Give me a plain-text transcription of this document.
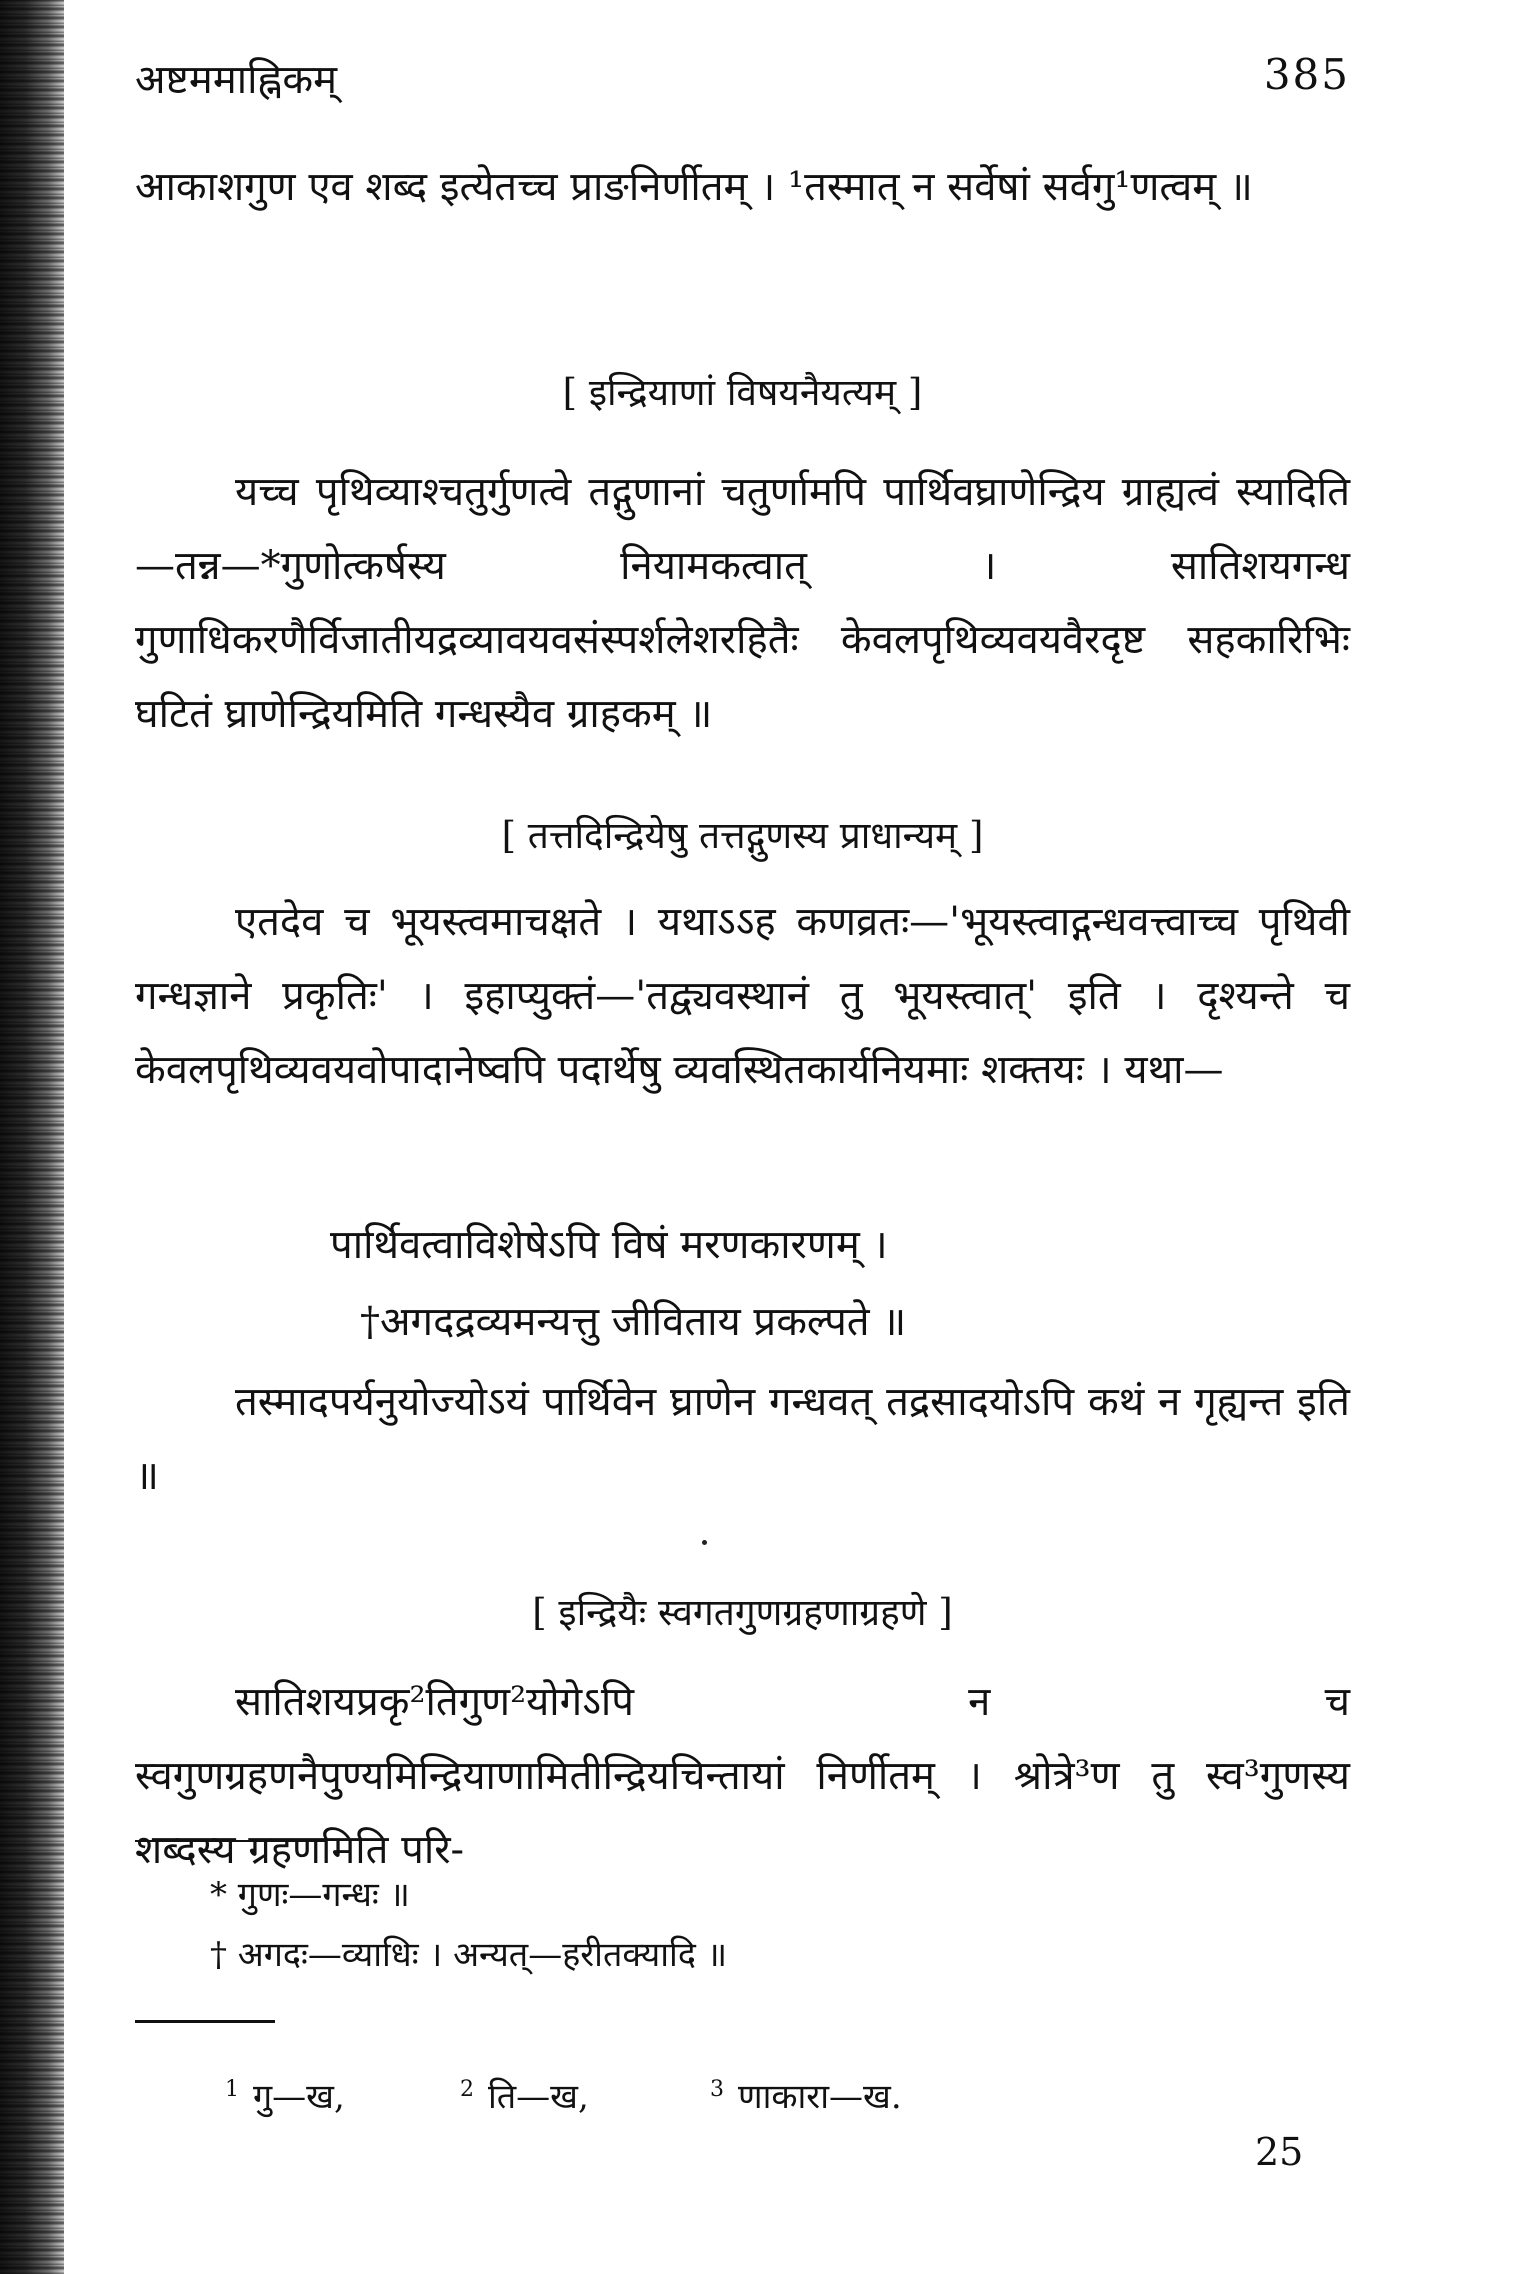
अष्टममाह्निकम्	385

आकाशगुण एव शब्द इत्येतच्च प्राङनिर्णीतम् । ¹तस्मात् न सर्वेषां सर्वगु¹णत्वम् ॥

[ इन्द्रियाणां विषयनैयत्यम् ]

यच्च पृथिव्याश्चतुर्गुणत्वे तद्गुणानां चतुर्णामपि पार्थिवघ्राणेन्द्रिय ग्राह्यत्वं स्यादिति—तन्न—*गुणोत्कर्षस्य नियामकत्वात् । सातिशयगन्ध गुणाधिकरणैर्विजातीयद्रव्यावयवसंस्पर्शलेशरहितैः केवलपृथिव्यवयवैरदृष्ट सहकारिभिः घटितं घ्राणेन्द्रियमिति गन्धस्यैव ग्राहकम् ॥

[ तत्तदिन्द्रियेषु तत्तद्गुणस्य प्राधान्यम् ]

एतदेव च भूयस्त्वमाचक्षते । यथाऽऽह कणव्रतः—'भूयस्त्वाद्गन्धवत्त्वाच्च पृथिवी गन्धज्ञाने प्रकृतिः' । इहाप्युक्तं—'तद्व्यवस्थानं तु भूयस्त्वात्' इति । दृश्यन्ते च केवलपृथिव्यवयवोपादानेष्वपि पदार्थेषु व्यवस्थितकार्यनियमाः शक्तयः । यथा—

पार्थिवत्वाविशेषेऽपि विषं मरणकारणम् ।

†अगदद्रव्यमन्यत्तु जीविताय प्रकल्पते ॥

तस्मादपर्यनुयोज्योऽयं पार्थिवेन घ्राणेन गन्धवत् तद्रसादयोऽपि कथं न गृह्यन्त इति ॥

[ इन्द्रियैः स्वगतगुणग्रहणाग्रहणे ]

सातिशयप्रकृ²तिगुण²योगेऽपि न च स्वगुणग्रहणनैपुण्यमिन्द्रियाणामितीन्द्रियचिन्तायां निर्णीतम् । श्रोत्रे³ण तु स्व³गुणस्य शब्दस्य ग्रहणमिति परि-

* गुणः—गन्धः ॥

† अगदः—व्याधिः । अन्यत्—हरीतक्यादि ॥

$^1$ गु—ख,	$^2$ ति—ख,	$^3$ णाकारा—ख.
25
